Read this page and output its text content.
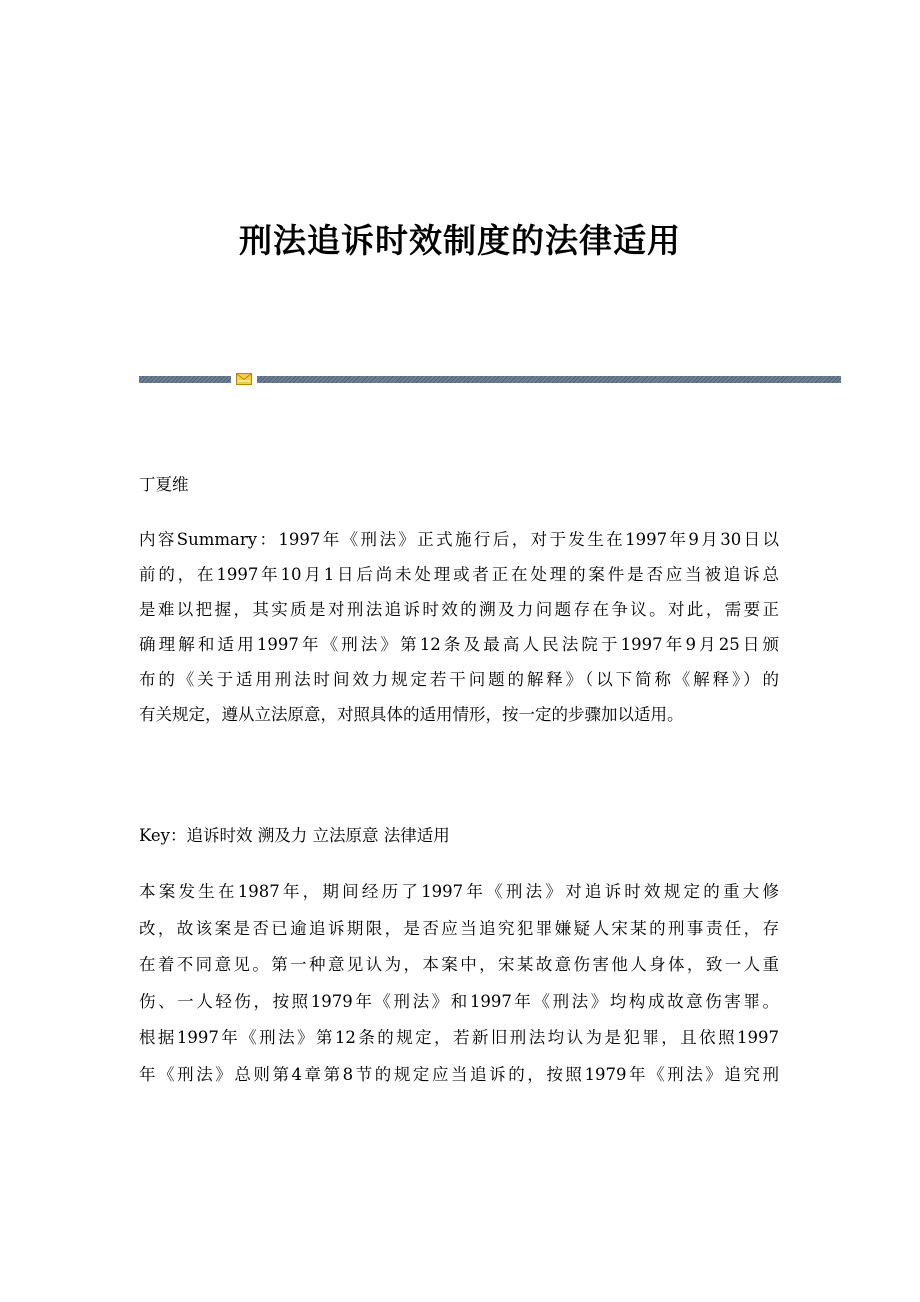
刑法追诉时效制度的法律适用

丁夏维

内容Summary：1997年《刑法》正式施行后，对于发生在1997年9月30日以
前的，在1997年10月1日后尚未处理或者正在处理的案件是否应当被追诉总
是难以把握，其实质是对刑法追诉时效的溯及力问题存在争议。对此，需要正
确理解和适用1997年《刑法》第12条及最高人民法院于1997年9月25日颁
布的《关于适用刑法时间效力规定若干问题的解释》（以下简称《解释》）的
有关规定，遵从立法原意，对照具体的适用情形，按一定的步骤加以适用。

Key：追诉时效 溯及力 立法原意 法律适用

本案发生在1987年，期间经历了1997年《刑法》对追诉时效规定的重大修
改，故该案是否已逾追诉期限，是否应当追究犯罪嫌疑人宋某的刑事责任，存
在着不同意见。第一种意见认为，本案中，宋某故意伤害他人身体，致一人重
伤、一人轻伤，按照1979年《刑法》和1997年《刑法》均构成故意伤害罪。
根据1997年《刑法》第12条的规定，若新旧刑法均认为是犯罪，且依照1997
年《刑法》总则第4章第8节的规定应当追诉的，按照1979年《刑法》追究刑
